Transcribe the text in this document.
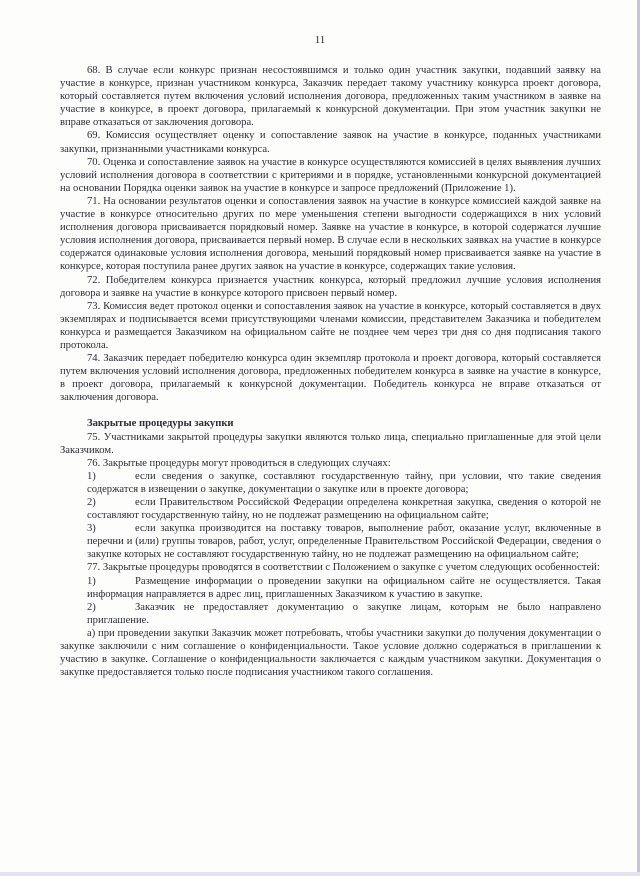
11

68. В случае если конкурс признан несостоявшимся и только один участник закупки, подавший заявку на участие в конкурсе, признан участником конкурса, Заказчик передает такому участнику конкурса проект договора, который составляется путем включения условий исполнения договора, предложенных таким участником в заявке на участие в конкурсе, в проект договора, прилагаемый к конкурсной документации. При этом участник закупки не вправе отказаться от заключения договора.

69. Комиссия осуществляет оценку и сопоставление заявок на участие в конкурсе, поданных участниками закупки, признанными участниками конкурса.

70. Оценка и сопоставление заявок на участие в конкурсе осуществляются комиссией в целях выявления лучших условий исполнения договора в соответствии с критериями и в порядке, установленными конкурсной документацией на основании Порядка оценки заявок на участие в конкурсе и запросе предложений (Приложение 1).

71. На основании результатов оценки и сопоставления заявок на участие в конкурсе комиссией каждой заявке на участие в конкурсе относительно других по мере уменьшения степени выгодности содержащихся в них условий исполнения договора присваивается порядковый номер. Заявке на участие в конкурсе, в которой содержатся лучшие условия исполнения договора, присваивается первый номер. В случае если в нескольких заявках на участие в конкурсе содержатся одинаковые условия исполнения договора, меньший порядковый номер присваивается заявке на участие в конкурсе, которая поступила ранее других заявок на участие в конкурсе, содержащих такие условия.

72. Победителем конкурса признается участник конкурса, который предложил лучшие условия исполнения договора и заявке на участие в конкурсе которого присвоен первый номер.

73. Комиссия ведет протокол оценки и сопоставления заявок на участие в конкурсе, который составляется в двух экземплярах и подписывается всеми присутствующими членами комиссии, представителем Заказчика и победителем конкурса и размещается Заказчиком на официальном сайте не позднее чем через три дня со дня подписания такого протокола.

74. Заказчик передает победителю конкурса один экземпляр протокола и проект договора, который составляется путем включения условий исполнения договора, предложенных победителем конкурса в заявке на участие в конкурсе, в проект договора, прилагаемый к конкурсной документации. Победитель конкурса не вправе отказаться от заключения договора.

Закрытые процедуры закупки

75. Участниками закрытой процедуры закупки являются только лица, специально приглашенные для этой цели Заказчиком.

76. Закрытые процедуры могут проводиться в следующих случаях:

1)	если сведения о закупке, составляют государственную тайну, при условии, что такие сведения содержатся в извещении о закупке, документации о закупке или в проекте договора;

2)	если Правительством Российской Федерации определена конкретная закупка, сведения о которой не составляют государственную тайну, но не подлежат размещению на официальном сайте;

3)	если закупка производится на поставку товаров, выполнение работ, оказание услуг, включенные в перечни и (или) группы товаров, работ, услуг, определенные Правительством Российской Федерации, сведения о закупке которых не составляют государственную тайну, но не подлежат размещению на официальном сайте;

77. Закрытые процедуры проводятся в соответствии с Положением о закупке с учетом следующих особенностей:

1)	Размещение информации о проведении закупки на официальном сайте не осуществляется. Такая информация направляется в адрес лиц, приглашенных Заказчиком к участию в закупке.

2)	Заказчик не предоставляет документацию о закупке лицам, которым не было направлено приглашение.

а) при проведении закупки Заказчик может потребовать, чтобы участники закупки до получения документации о закупке заключили с ним соглашение о конфиденциальности. Такое условие должно содержаться в приглашении к участию в закупке. Соглашение о конфиденциальности заключается с каждым участником закупки. Документация о закупке предоставляется только после подписания участником такого соглашения.
